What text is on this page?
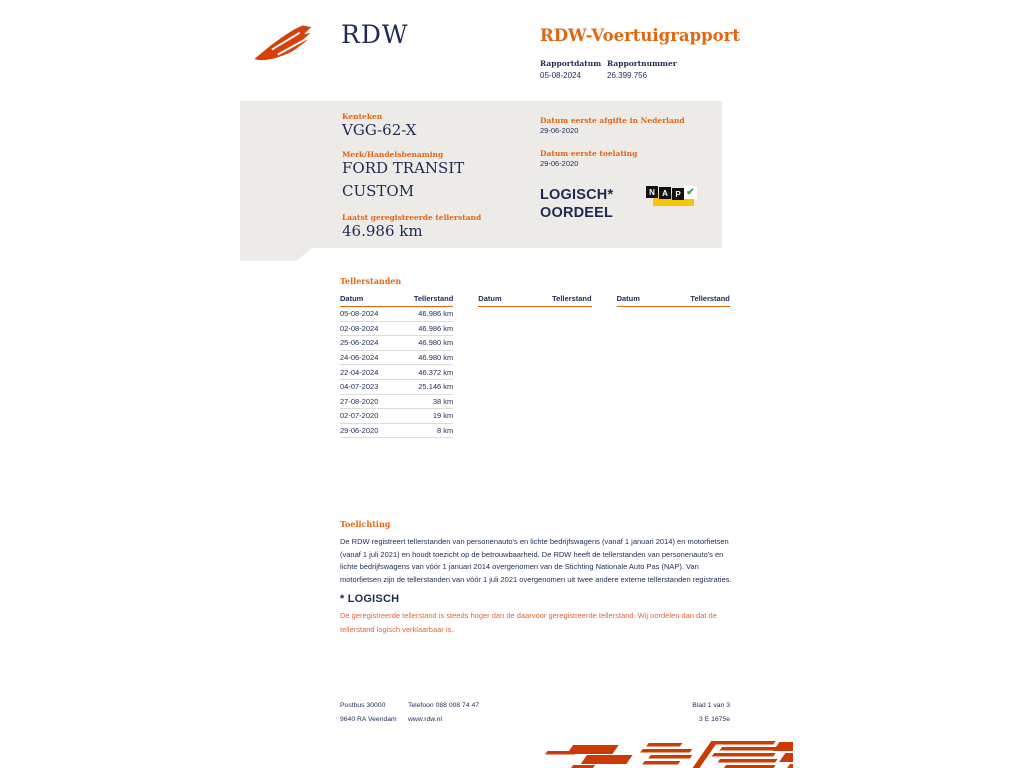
RDW	RDW-Voertuigrapport
Rapportdatum
05-08-2024
Rapportnummer
26.399.756
Kenteken
VGG-62-X
Merk/Handelsbenaming
FORD TRANSIT
CUSTOM
Laatst geregistreerde tellerstand
46.986 km
Datum eerste afgifte in Nederland
29-06-2020
Datum eerste toelating
29-06-2020
LOGISCH*
OORDEEL
N A P ✔
Tellerstanden
Datum	Tellerstand
05-08-2024	46.986 km
02-08-2024	46.986 km
25-06-2024	46.980 km
24-06-2024	46.980 km
22-04-2024	46.372 km
04-07-2023	25.146 km
27-08-2020	38 km
02-07-2020	19 km
29-06-2020	8 km
Datum	Tellerstand	Datum	Tellerstand
Toelichting
De RDW registreert tellerstanden van personenauto's en lichte bedrijfswagens (vanaf 1 januari 2014) en motorfietsen (vanaf 1 juli 2021) en houdt toezicht op de betrouwbaarheid. De RDW heeft de tellerstanden van personenauto's en lichte bedrijfswagens van vóór 1 januari 2014 overgenomen van de Stichting Nationale Auto Pas (NAP). Van motorfietsen zijn de tellerstanden van vóór 1 juli 2021 overgenomen uit twee andere externe tellerstanden registraties.
* LOGISCH
De geregistreerde tellerstand is steeds hoger dan de daarvoor geregistreerde tellerstand. Wij oordelen dan dat de tellerstand logisch verklaarbaar is.
Postbus 30000
9640 RA Veendam
Telefoon 088 008 74 47
www.rdw.nl
Blad 1 van 3
3 E 1675e
